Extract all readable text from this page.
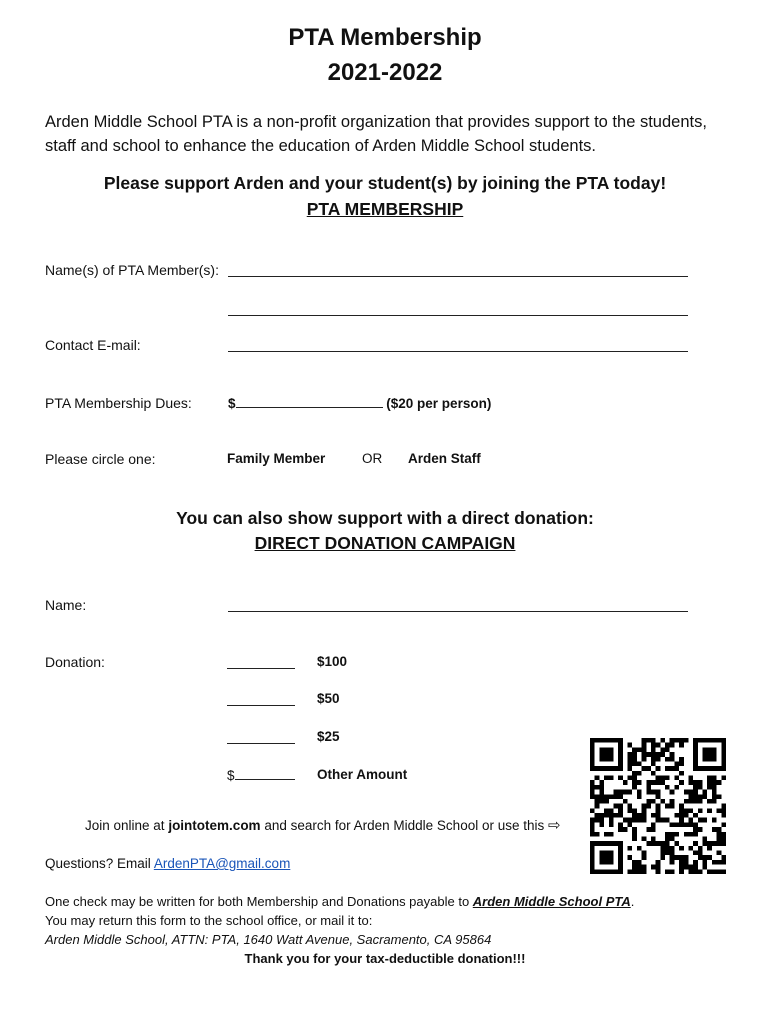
PTA Membership
2021-2022
Arden Middle School PTA is a non-profit organization that provides support to the students, staff and school to enhance the education of Arden Middle School students.
Please support Arden and your student(s) by joining the PTA today!
PTA MEMBERSHIP
Name(s) of PTA Member(s):
Contact E-mail:
PTA Membership Dues:	$	($20 per person)
Please circle one:	Family Member	OR Arden Staff
You can also show support with a direct donation:
DIRECT DONATION CAMPAIGN
Name:
Donation:	$100
$50
$25
$	Other Amount
Join online at jointotem.com and search for Arden Middle School or use this ⇨
Questions? Email ArdenPTA@gmail.com
One check may be written for both Membership and Donations payable to Arden Middle School PTA.
You may return this form to the school office, or mail it to:
Arden Middle School, ATTN: PTA, 1640 Watt Avenue, Sacramento, CA 95864
Thank you for your tax-deductible donation!!!
